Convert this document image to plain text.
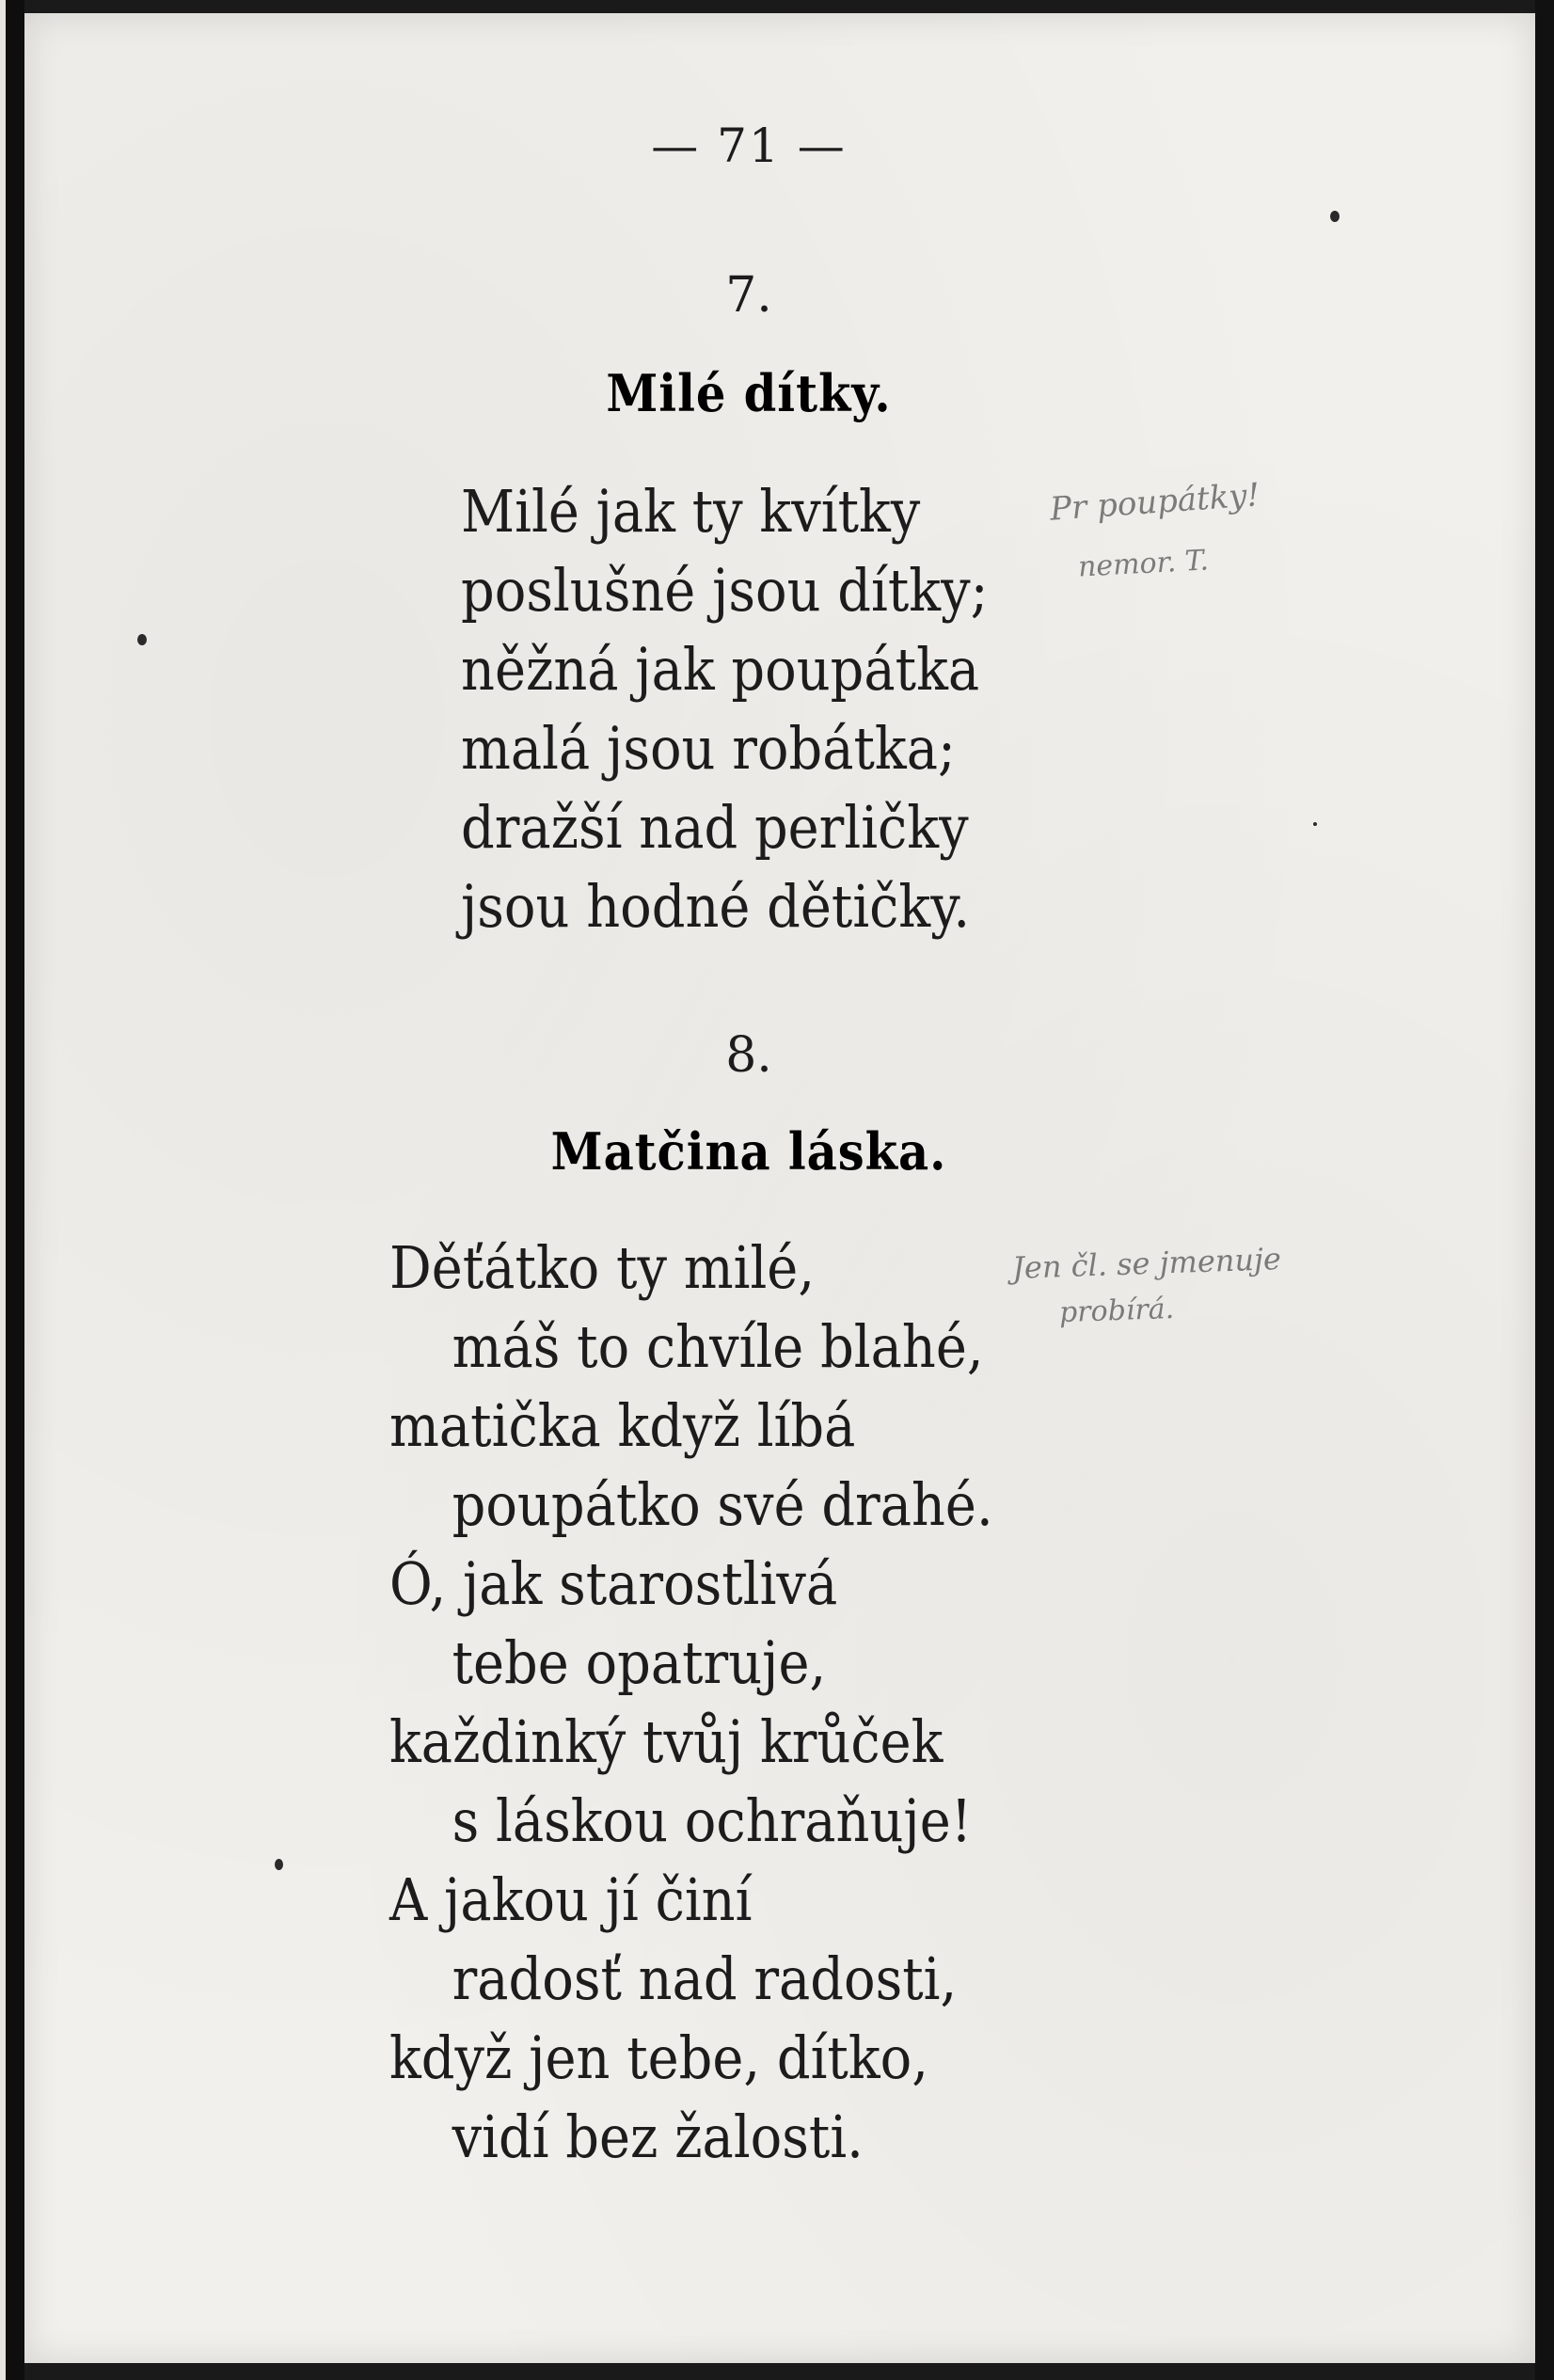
— 71 —
7.
Milé dítky.
Milé jak ty kvítky
poslušné jsou dítky;
něžná jak poupátka
malá jsou robátka;
dražší nad perličky
jsou hodné dětičky.
8.
Matčina láska.
Děťátko ty milé,
máš to chvíle blahé,
matička když líbá
poupátko své drahé.
Ó, jak starostlivá
tebe opatruje,
každinký tvůj krůček
s láskou ochraňuje!
A jakou jí činí
radosť nad radosti,
když jen tebe, dítko,
vidí bez žalosti.
Pr poupátky!
nemor. T.
Jen čl. se jmenuje
probírá.
